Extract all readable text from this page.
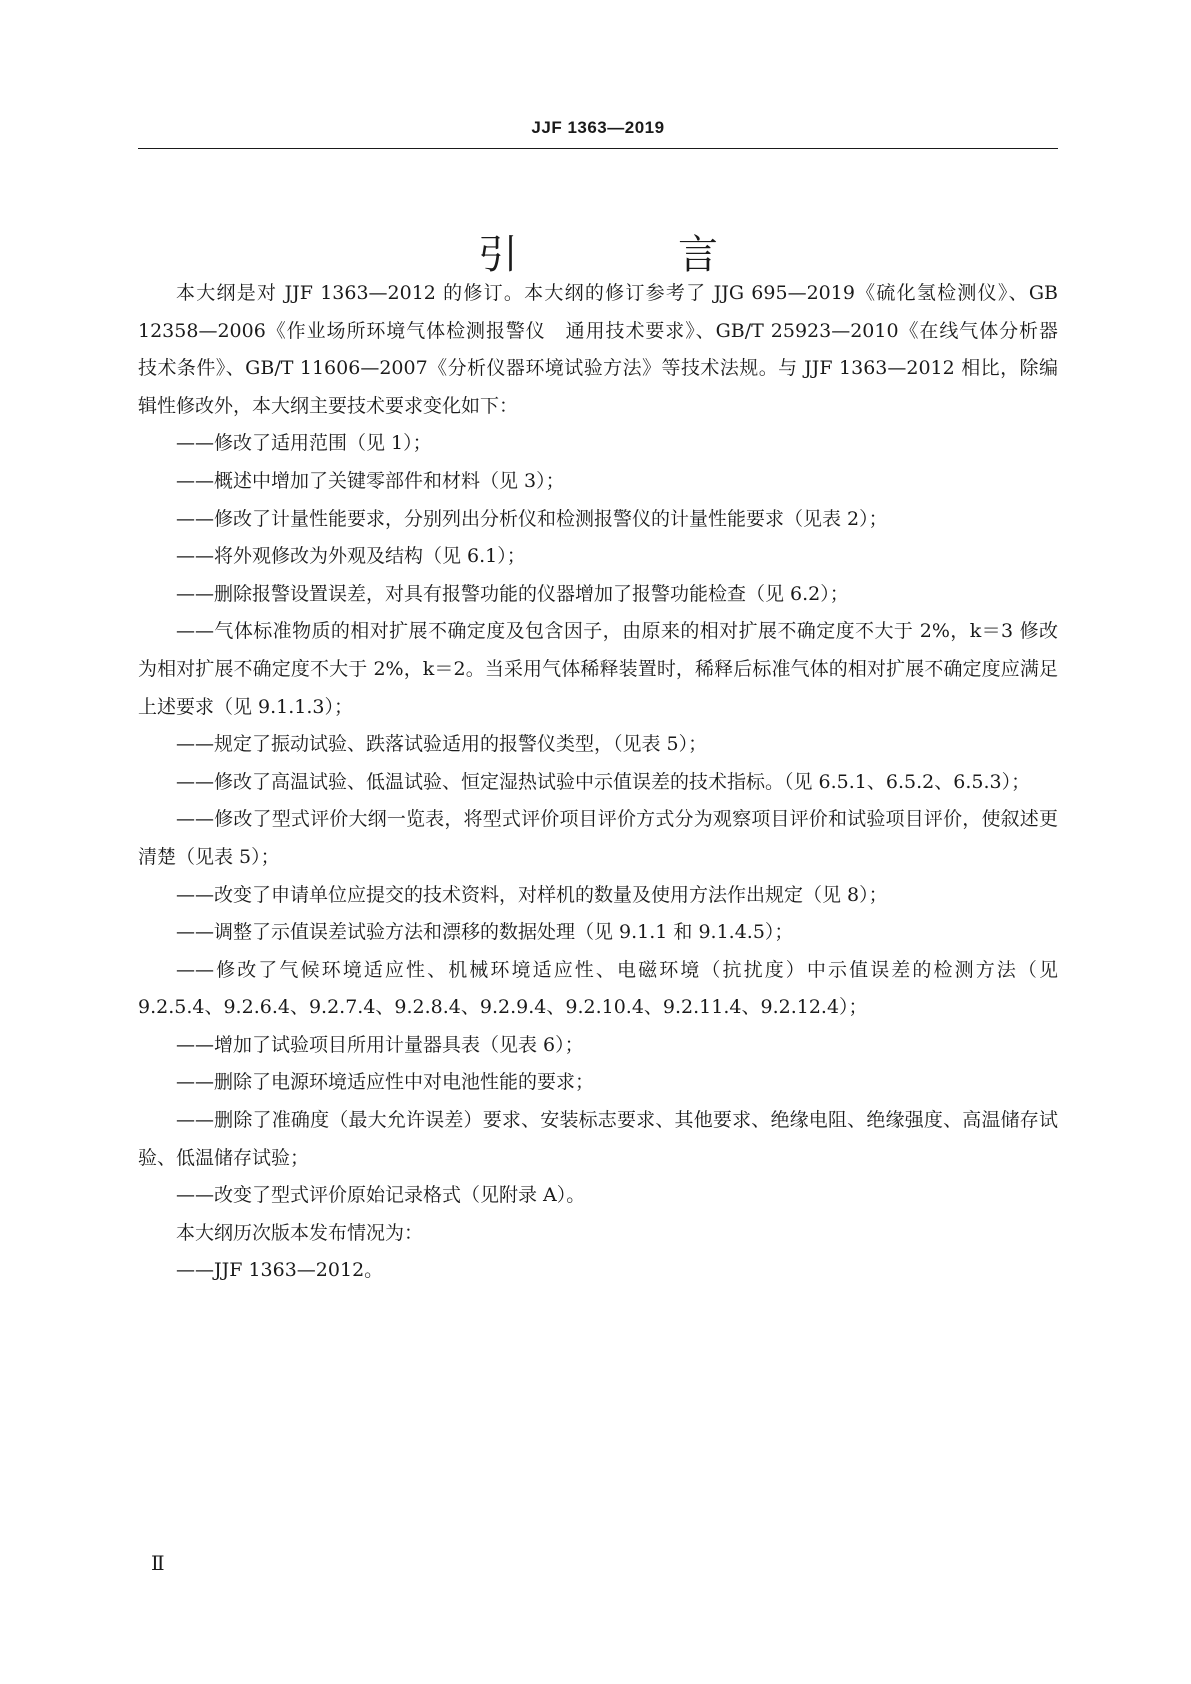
JJF 1363—2019
引　言

本大纲是对 JJF 1363—2012 的修订。本大纲的修订参考了 JJG 695—2019《硫化氢检测仪》、GB 12358—2006《作业场所环境气体检测报警仪　通用技术要求》、GB/T 25923—2010《在线气体分析器　技术条件》、GB/T 11606—2007《分析仪器环境试验方法》等技术法规。与 JJF 1363—2012 相比，除编辑性修改外，本大纲主要技术要求变化如下：

——修改了适用范围（见 1）；

——概述中增加了关键零部件和材料（见 3）；

——修改了计量性能要求，分别列出分析仪和检测报警仪的计量性能要求（见表 2）；

——将外观修改为外观及结构（见 6.1）；

——删除报警设置误差，对具有报警功能的仪器增加了报警功能检查（见 6.2）；

——气体标准物质的相对扩展不确定度及包含因子，由原来的相对扩展不确定度不大于 2%，k＝3 修改为相对扩展不确定度不大于 2%，k＝2。当采用气体稀释装置时，稀释后标准气体的相对扩展不确定度应满足上述要求（见 9.1.1.3）；

——规定了振动试验、跌落试验适用的报警仪类型，（见表 5）；

——修改了高温试验、低温试验、恒定湿热试验中示值误差的技术指标。（见 6.5.1、6.5.2、6.5.3）；

——修改了型式评价大纲一览表，将型式评价项目评价方式分为观察项目评价和试验项目评价，使叙述更清楚（见表 5）；

——改变了申请单位应提交的技术资料，对样机的数量及使用方法作出规定（见 8）；

——调整了示值误差试验方法和漂移的数据处理（见 9.1.1 和 9.1.4.5）；

——修改了气候环境适应性、机械环境适应性、电磁环境（抗扰度）中示值误差的检测方法（见 9.2.5.4、9.2.6.4、9.2.7.4、9.2.8.4、9.2.9.4、9.2.10.4、9.2.11.4、9.2.12.4）；

——增加了试验项目所用计量器具表（见表 6）；

——删除了电源环境适应性中对电池性能的要求；

——删除了准确度（最大允许误差）要求、安装标志要求、其他要求、绝缘电阻、绝缘强度、高温储存试验、低温储存试验；

——改变了型式评价原始记录格式（见附录 A）。

本大纲历次版本发布情况为：

——JJF 1363—2012。

Ⅱ
